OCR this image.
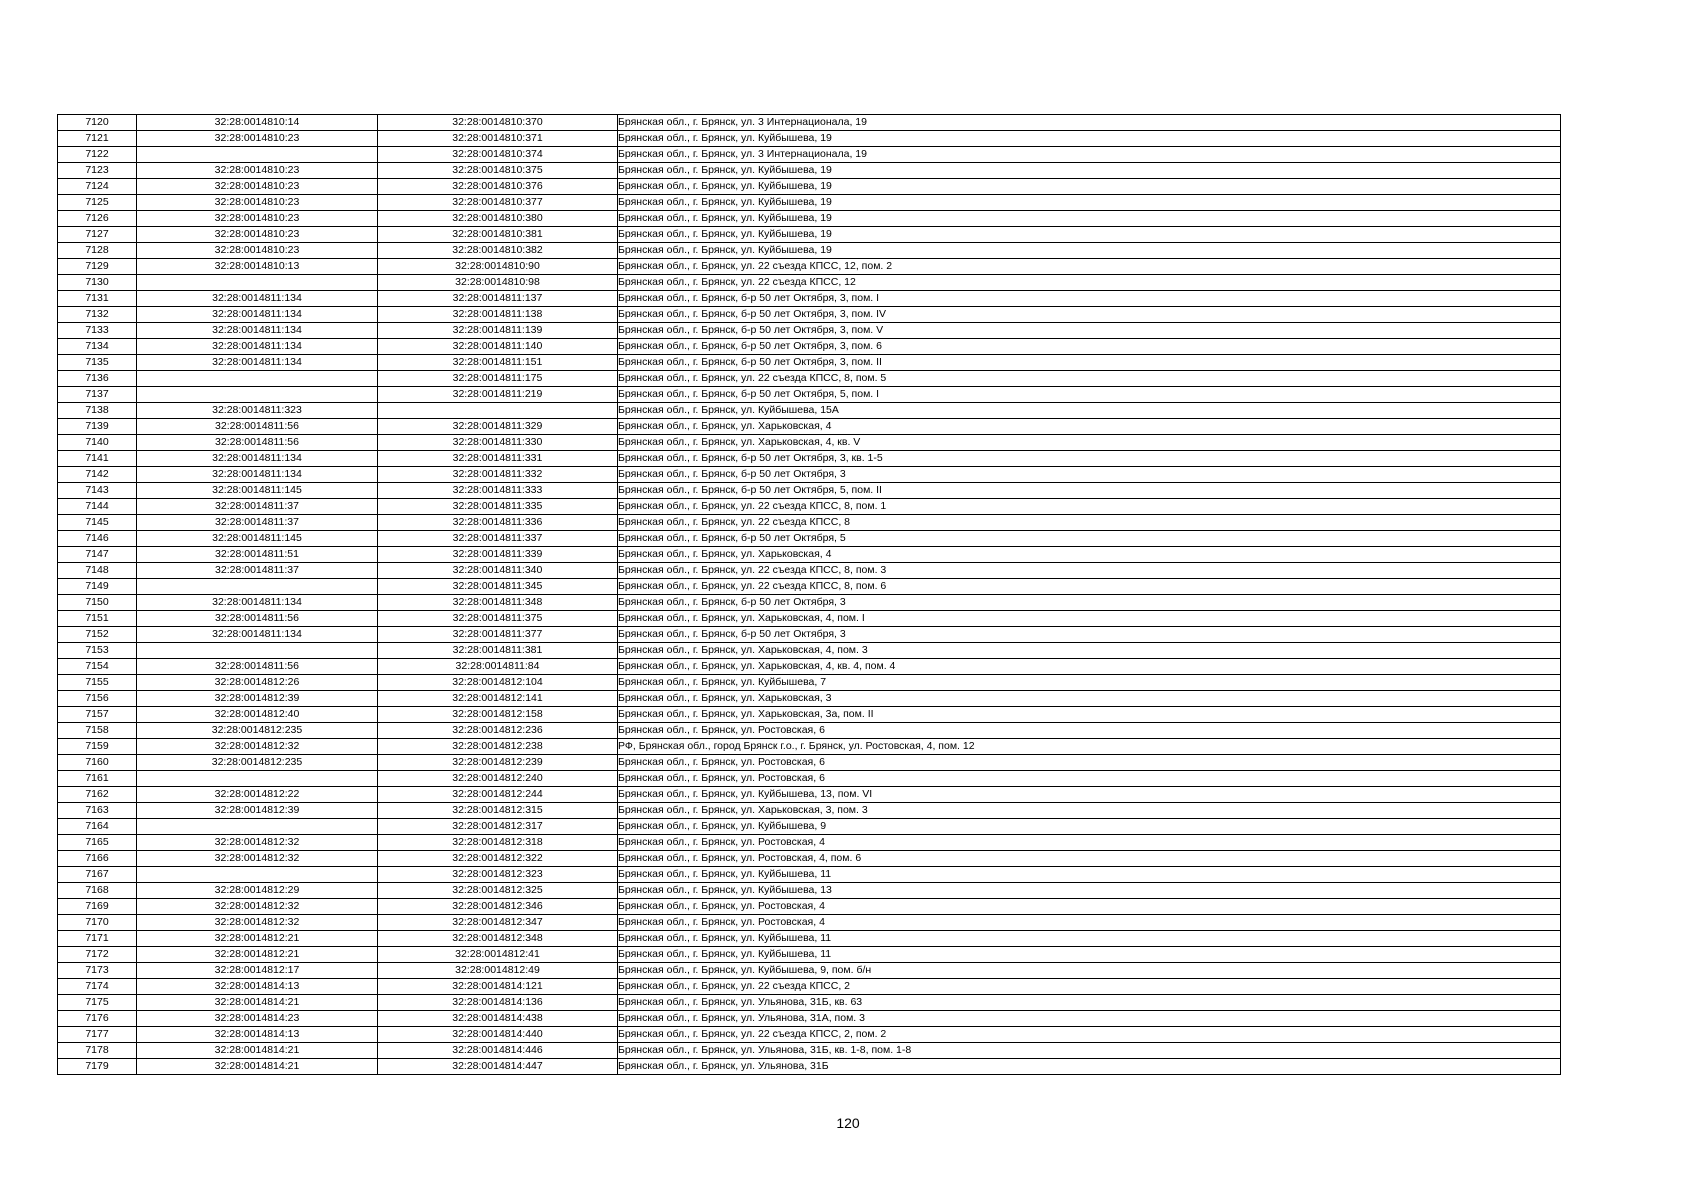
7120	32:28:0014810:14	32:28:0014810:370	Брянская обл., г. Брянск, ул. 3 Интернационала, 19
7121	32:28:0014810:23	32:28:0014810:371	Брянская обл., г. Брянск, ул. Куйбышева, 19
7122		32:28:0014810:374	Брянская обл., г. Брянск, ул. 3 Интернационала, 19
7123	32:28:0014810:23	32:28:0014810:375	Брянская обл., г. Брянск, ул. Куйбышева, 19
7124	32:28:0014810:23	32:28:0014810:376	Брянская обл., г. Брянск, ул. Куйбышева, 19
7125	32:28:0014810:23	32:28:0014810:377	Брянская обл., г. Брянск, ул. Куйбышева, 19
7126	32:28:0014810:23	32:28:0014810:380	Брянская обл., г. Брянск, ул. Куйбышева, 19
7127	32:28:0014810:23	32:28:0014810:381	Брянская обл., г. Брянск, ул. Куйбышева, 19
7128	32:28:0014810:23	32:28:0014810:382	Брянская обл., г. Брянск, ул. Куйбышева, 19
7129	32:28:0014810:13	32:28:0014810:90	Брянская обл., г. Брянск, ул. 22 съезда КПСС, 12, пом. 2
7130		32:28:0014810:98	Брянская обл., г. Брянск, ул. 22 съезда КПСС, 12
7131	32:28:0014811:134	32:28:0014811:137	Брянская обл., г. Брянск, б-р 50 лет Октября, 3, пом. I
7132	32:28:0014811:134	32:28:0014811:138	Брянская обл., г. Брянск, б-р 50 лет Октября, 3, пом. IV
7133	32:28:0014811:134	32:28:0014811:139	Брянская обл., г. Брянск, б-р 50 лет Октября, 3, пом. V
7134	32:28:0014811:134	32:28:0014811:140	Брянская обл., г. Брянск, б-р 50 лет Октября, 3, пом. 6
7135	32:28:0014811:134	32:28:0014811:151	Брянская обл., г. Брянск, б-р 50 лет Октября, 3, пом. II
7136		32:28:0014811:175	Брянская обл., г. Брянск, ул. 22 съезда КПСС, 8, пом. 5
7137		32:28:0014811:219	Брянская обл., г. Брянск, б-р 50 лет Октября, 5, пом. I
7138	32:28:0014811:323		Брянская обл., г. Брянск, ул. Куйбышева, 15А
7139	32:28:0014811:56	32:28:0014811:329	Брянская обл., г. Брянск, ул. Харьковская, 4
7140	32:28:0014811:56	32:28:0014811:330	Брянская обл., г. Брянск, ул. Харьковская, 4, кв. V
7141	32:28:0014811:134	32:28:0014811:331	Брянская обл., г. Брянск, б-р 50 лет Октября, 3, кв. 1-5
7142	32:28:0014811:134	32:28:0014811:332	Брянская обл., г. Брянск, б-р 50 лет Октября, 3
7143	32:28:0014811:145	32:28:0014811:333	Брянская обл., г. Брянск, б-р 50 лет Октября, 5, пом. II
7144	32:28:0014811:37	32:28:0014811:335	Брянская обл., г. Брянск, ул. 22 съезда КПСС, 8, пом. 1
7145	32:28:0014811:37	32:28:0014811:336	Брянская обл., г. Брянск, ул. 22 съезда КПСС, 8
7146	32:28:0014811:145	32:28:0014811:337	Брянская обл., г. Брянск, б-р 50 лет Октября, 5
7147	32:28:0014811:51	32:28:0014811:339	Брянская обл., г. Брянск, ул. Харьковская, 4
7148	32:28:0014811:37	32:28:0014811:340	Брянская обл., г. Брянск, ул. 22 съезда КПСС, 8, пом. 3
7149		32:28:0014811:345	Брянская обл., г. Брянск, ул. 22 съезда КПСС, 8, пом. 6
7150	32:28:0014811:134	32:28:0014811:348	Брянская обл., г. Брянск, б-р 50 лет Октября, 3
7151	32:28:0014811:56	32:28:0014811:375	Брянская обл., г. Брянск, ул. Харьковская, 4, пом. I
7152	32:28:0014811:134	32:28:0014811:377	Брянская обл., г. Брянск, б-р 50 лет Октября, 3
7153		32:28:0014811:381	Брянская обл., г. Брянск, ул. Харьковская, 4, пом. 3
7154	32:28:0014811:56	32:28:0014811:84	Брянская обл., г. Брянск, ул. Харьковская, 4, кв. 4, пом. 4
7155	32:28:0014812:26	32:28:0014812:104	Брянская обл., г. Брянск, ул. Куйбышева, 7
7156	32:28:0014812:39	32:28:0014812:141	Брянская обл., г. Брянск, ул. Харьковская, 3
7157	32:28:0014812:40	32:28:0014812:158	Брянская обл., г. Брянск, ул. Харьковская, 3а, пом. II
7158	32:28:0014812:235	32:28:0014812:236	Брянская обл., г. Брянск, ул. Ростовская, 6
7159	32:28:0014812:32	32:28:0014812:238	РФ, Брянская обл., город Брянск г.о., г. Брянск, ул. Ростовская, 4, пом. 12
7160	32:28:0014812:235	32:28:0014812:239	Брянская обл., г. Брянск, ул. Ростовская, 6
7161		32:28:0014812:240	Брянская обл., г. Брянск, ул. Ростовская, 6
7162	32:28:0014812:22	32:28:0014812:244	Брянская обл., г. Брянск, ул. Куйбышева, 13, пом. VI
7163	32:28:0014812:39	32:28:0014812:315	Брянская обл., г. Брянск, ул. Харьковская, 3, пом. 3
7164		32:28:0014812:317	Брянская обл., г. Брянск, ул. Куйбышева, 9
7165	32:28:0014812:32	32:28:0014812:318	Брянская обл., г. Брянск, ул. Ростовская, 4
7166	32:28:0014812:32	32:28:0014812:322	Брянская обл., г. Брянск, ул. Ростовская, 4, пом. 6
7167		32:28:0014812:323	Брянская обл., г. Брянск, ул. Куйбышева, 11
7168	32:28:0014812:29	32:28:0014812:325	Брянская обл., г. Брянск, ул. Куйбышева, 13
7169	32:28:0014812:32	32:28:0014812:346	Брянская обл., г. Брянск, ул. Ростовская, 4
7170	32:28:0014812:32	32:28:0014812:347	Брянская обл., г. Брянск, ул. Ростовская, 4
7171	32:28:0014812:21	32:28:0014812:348	Брянская обл., г. Брянск, ул. Куйбышева, 11
7172	32:28:0014812:21	32:28:0014812:41	Брянская обл., г. Брянск, ул. Куйбышева, 11
7173	32:28:0014812:17	32:28:0014812:49	Брянская обл., г. Брянск, ул. Куйбышева, 9, пом. б/н
7174	32:28:0014814:13	32:28:0014814:121	Брянская обл., г. Брянск, ул. 22 съезда КПСС, 2
7175	32:28:0014814:21	32:28:0014814:136	Брянская обл., г. Брянск, ул. Ульянова, 31Б, кв. 63
7176	32:28:0014814:23	32:28:0014814:438	Брянская обл., г. Брянск, ул. Ульянова, 31А, пом. 3
7177	32:28:0014814:13	32:28:0014814:440	Брянская обл., г. Брянск, ул. 22 съезда КПСС, 2, пом. 2
7178	32:28:0014814:21	32:28:0014814:446	Брянская обл., г. Брянск, ул. Ульянова, 31Б, кв. 1-8, пом. 1-8
7179	32:28:0014814:21	32:28:0014814:447	Брянская обл., г. Брянск, ул. Ульянова, 31Б
120
